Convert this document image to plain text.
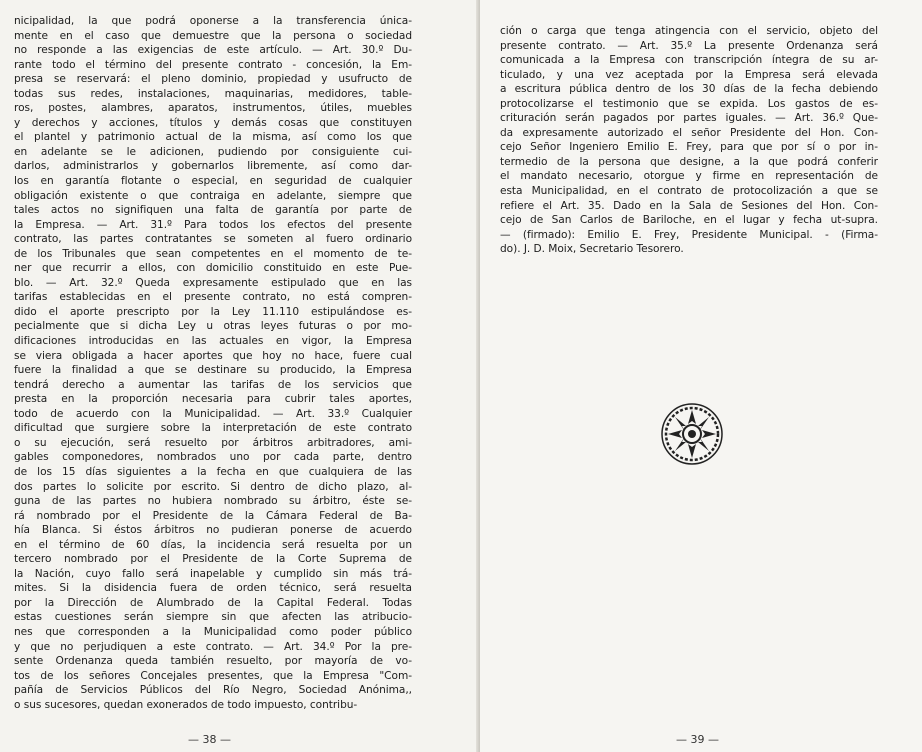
nicipalidad, la que podrá oponerse a la transferencia única-
mente en el caso que demuestre que la persona o sociedad
no responde a las exigencias de este artículo. — Art. 30.º Du-
rante todo el término del presente contrato - concesión, la Em-
presa se reservará: el pleno dominio, propiedad y usufructo de
todas sus redes, instalaciones, maquinarias, medidores, table-
ros, postes, alambres, aparatos, instrumentos, útiles, muebles
y derechos y acciones, títulos y demás cosas que constituyen
el plantel y patrimonio actual de la misma, así como los que
en adelante se le adicionen, pudiendo por consiguiente cui-
darlos, administrarlos y gobernarlos libremente, así como dar-
los en garantía flotante o especial, en seguridad de cualquier
obligación existente o que contraiga en adelante, siempre que
tales actos no signifiquen una falta de garantía por parte de
la Empresa. — Art. 31.º Para todos los efectos del presente
contrato, las partes contratantes se someten al fuero ordinario
de los Tribunales que sean competentes en el momento de te-
ner que recurrir a ellos, con domicilio constituido en este Pue-
blo. — Art. 32.º Queda expresamente estipulado que en las
tarifas establecidas en el presente contrato, no está compren-
dido el aporte prescripto por la Ley 11.110 estipulándose es-
pecialmente que si dicha Ley u otras leyes futuras o por mo-
dificaciones introducidas en las actuales en vigor, la Empresa
se viera obligada a hacer aportes que hoy no hace, fuere cual
fuere la finalidad a que se destinare su producido, la Empresa
tendrá derecho a aumentar las tarifas de los servicios que
presta en la proporción necesaria para cubrir tales aportes,
todo de acuerdo con la Municipalidad. — Art. 33.º Cualquier
dificultad que surgiere sobre la interpretación de este contrato
o su ejecución, será resuelto por árbitros arbitradores, ami-
gables componedores, nombrados uno por cada parte, dentro
de los 15 días siguientes a la fecha en que cualquiera de las
dos partes lo solicite por escrito. Si dentro de dicho plazo, al-
guna de las partes no hubiera nombrado su árbitro, éste se-
rá nombrado por el Presidente de la Cámara Federal de Ba-
hía Blanca. Si éstos árbitros no pudieran ponerse de acuerdo
en el término de 60 días, la incidencia será resuelta por un
tercero nombrado por el Presidente de la Corte Suprema de
la Nación, cuyo fallo será inapelable y cumplido sin más trá-
mites. Si la disidencia fuera de orden técnico, será resuelta
por la Dirección de Alumbrado de la Capital Federal. Todas
estas cuestiones serán siempre sin que afecten las atribucio-
nes que corresponden a la Municipalidad como poder público
y que no perjudiquen a este contrato. — Art. 34.º Por la pre-
sente Ordenanza queda también resuelto, por mayoría de vo-
tos de los señores Concejales presentes, que la Empresa "Com-
pañía de Servicios Públicos del Río Negro, Sociedad Anónima,,
o sus sucesores, quedan exonerados de todo impuesto, contribu-
— 38 —
ción o carga que tenga atingencia con el servicio, objeto del
presente contrato. — Art. 35.º La presente Ordenanza será
comunicada a la Empresa con transcripción íntegra de su ar-
ticulado, y una vez aceptada por la Empresa será elevada
a escritura pública dentro de los 30 días de la fecha debiendo
protocolizarse el testimonio que se expida. Los gastos de es-
crituración serán pagados por partes iguales. — Art. 36.º Que-
da expresamente autorizado el señor Presidente del Hon. Con-
cejo Señor Ingeniero Emilio E. Frey, para que por sí o por in-
termedio de la persona que designe, a la que podrá conferir
el mandato necesario, otorgue y firme en representación de
esta Municipalidad, en el contrato de protocolización a que se
refiere el Art. 35. Dado en la Sala de Sesiones del Hon. Con-
cejo de San Carlos de Bariloche, en el lugar y fecha ut-supra.
— (firmado): Emilio E. Frey, Presidente Municipal. - (Firma-
do). J. D. Moix, Secretario Tesorero.
— 39 —
